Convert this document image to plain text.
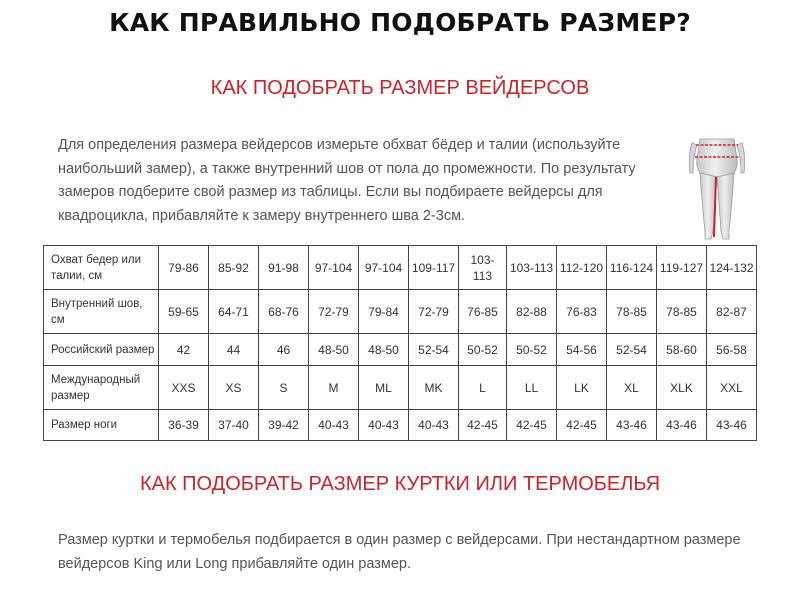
КАК ПРАВИЛЬНО ПОДОБРАТЬ РАЗМЕР?
КАК ПОДОБРАТЬ РАЗМЕР ВЕЙДЕРСОВ

Для определения размера вейдерсов измерьте обхват бёдер и талии (используйте
наибольший замер), а также внутренний шов от пола до промежности. По результату
замеров подберите свой размер из таблицы. Если вы подбираете вейдерсы для
квадроцикла, прибавляйте к замеру внутреннего шва 2-3см.

Охват бедер или
талии, см	79-86	85-92	91-98	97-104	97-104	109-117	103-113	103-113	112-120	116-124	119-127	124-132
Внутренний шов,
см	59-65	64-71	68-76	72-79	79-84	72-79	76-85	82-88	76-83	78-85	78-85	82-87
Российский размер	42	44	46	48-50	48-50	52-54	50-52	50-52	54-56	52-54	58-60	56-58
Международный
размер	XXS	XS	S	M	ML	MK	L	LL	LK	XL	XLK	XXL
Размер ноги	36-39	37-40	39-42	40-43	40-43	40-43	42-45	42-45	42-45	43-46	43-46	43-46
КАК ПОДОБРАТЬ РАЗМЕР КУРТКИ ИЛИ ТЕРМОБЕЛЬЯ

Размер куртки и термобелья подбирается в один размер с вейдерсами. При нестандартном размере
вейдерсов King или Long прибавляйте один размер.
